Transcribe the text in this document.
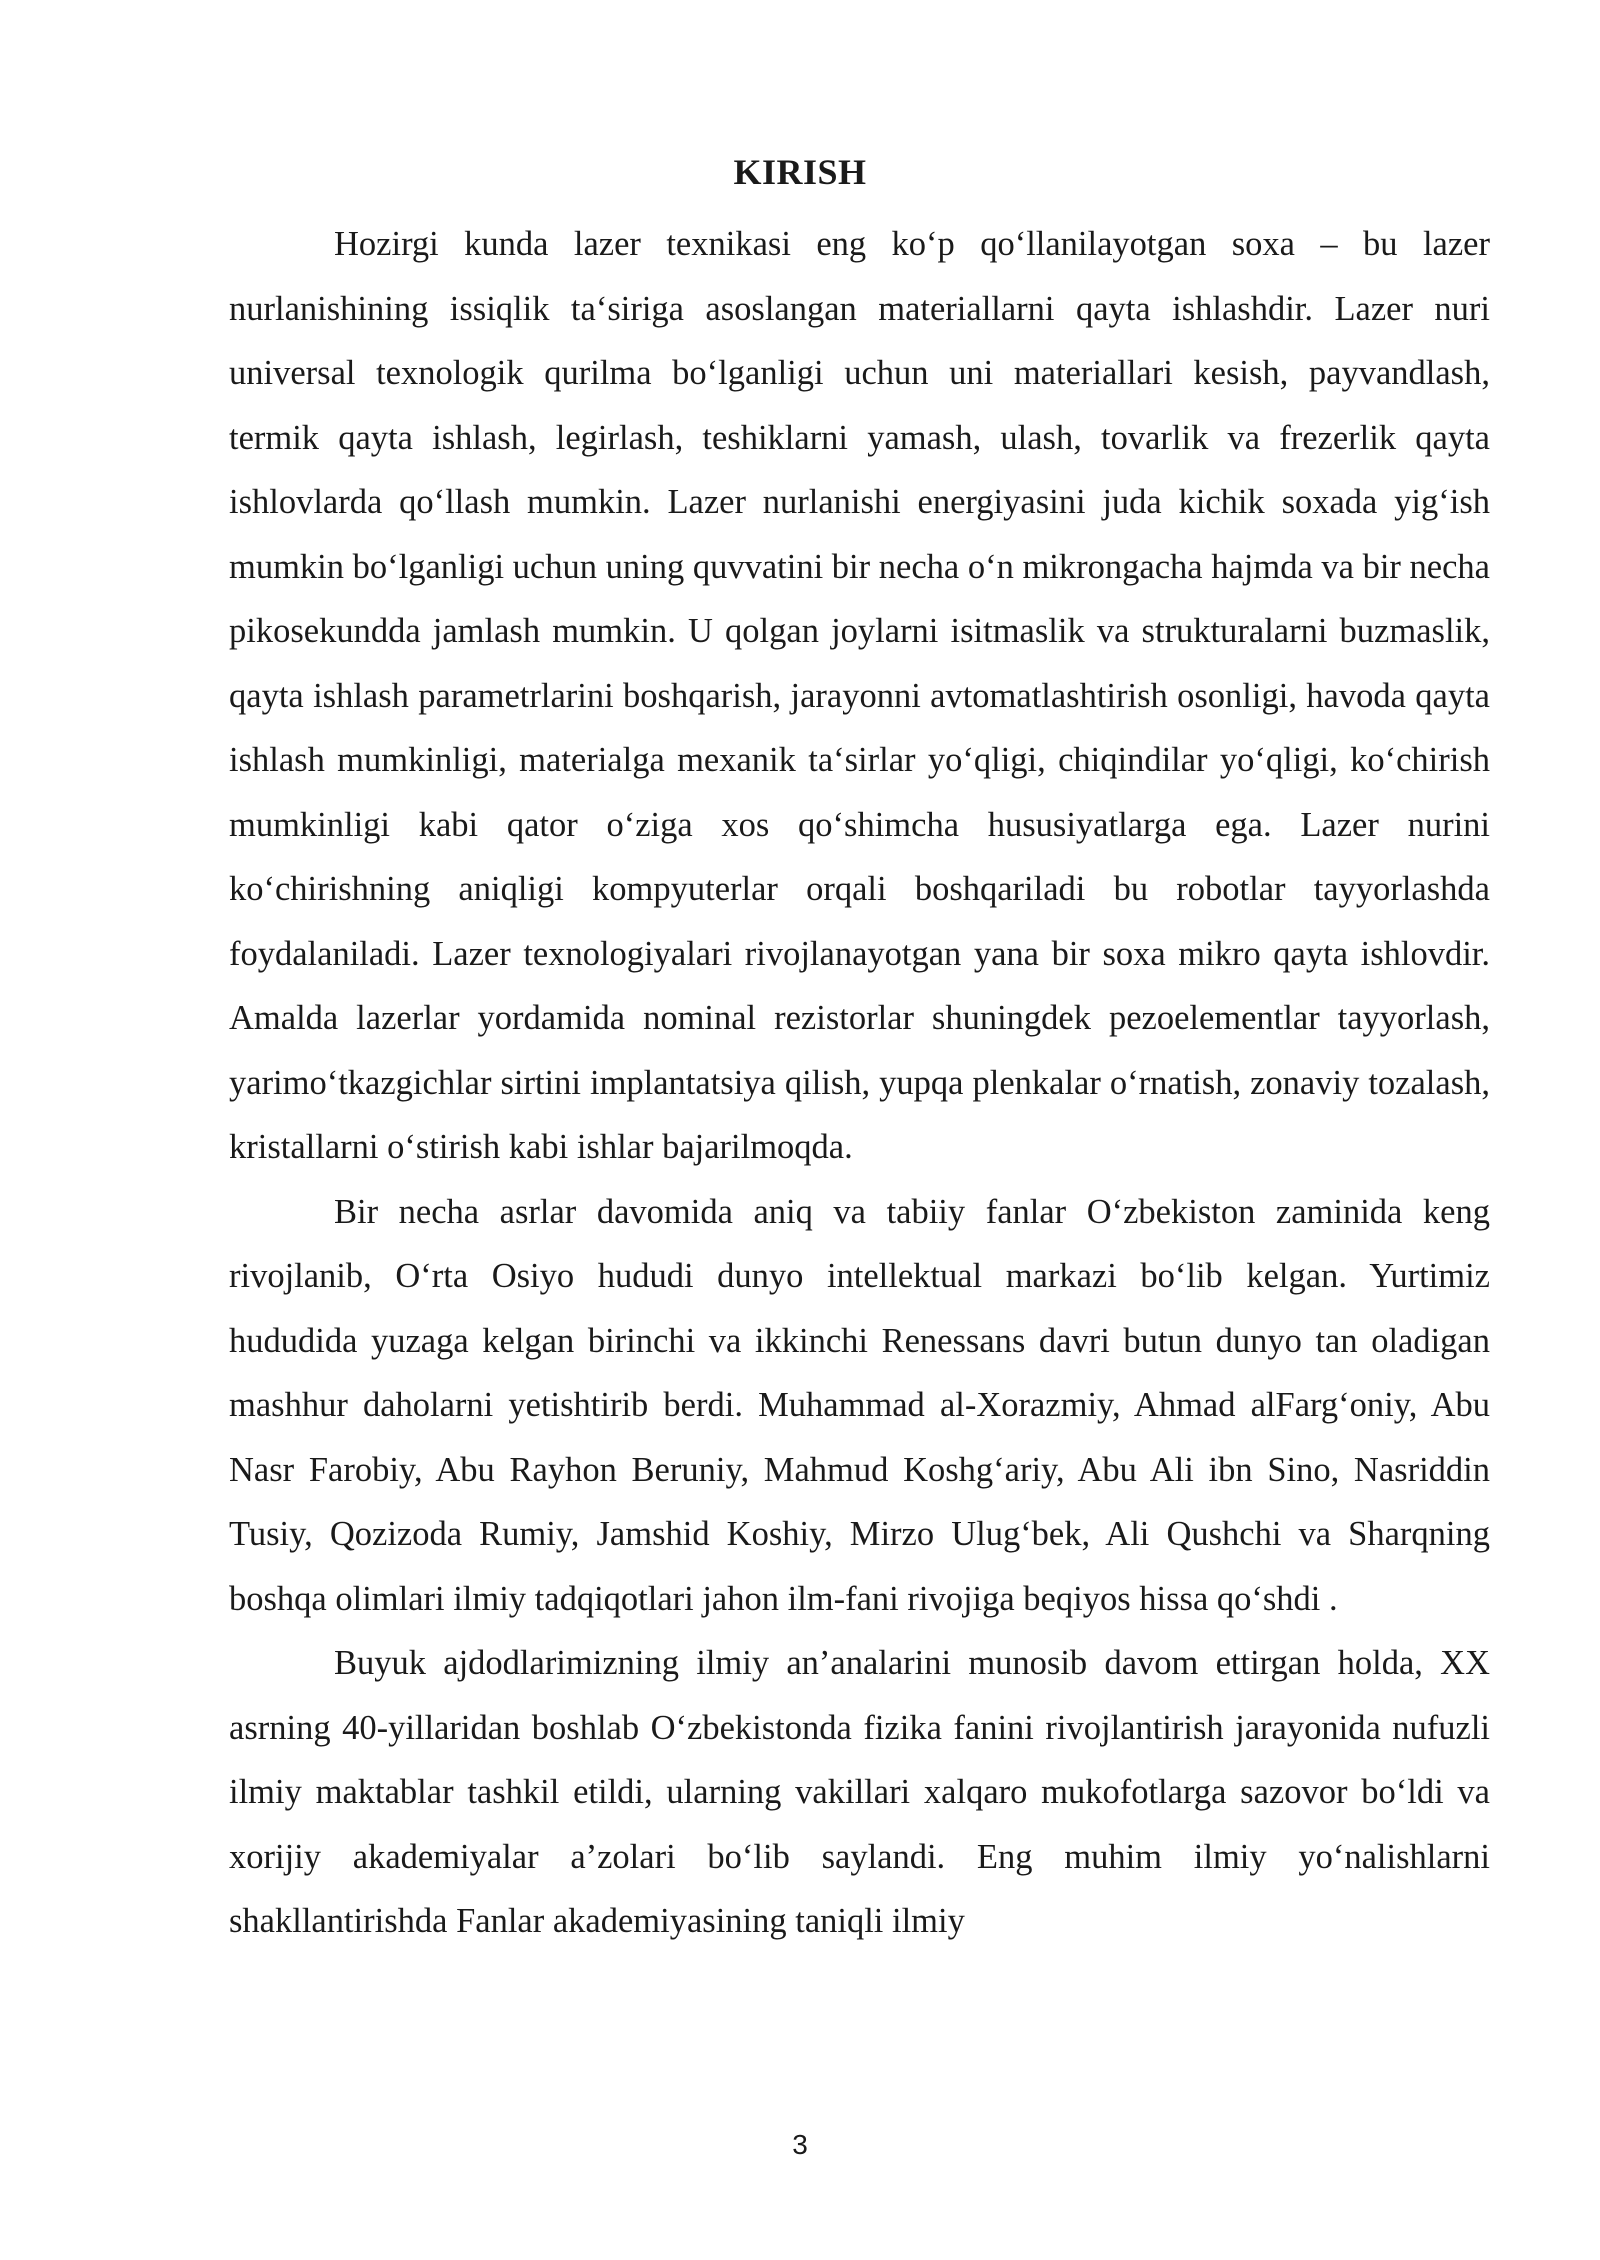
KIRISH

Hozirgi kunda lazer texnikasi eng koʻp qoʻllanilayotgan soxa – bu lazer nurlanishining issiqlik taʻsiriga asoslangan materiallarni qayta ishlashdir. Lazer nuri universal texnologik qurilma boʻlganligi uchun uni materiallari kesish, payvandlash, termik qayta ishlash, legirlash, teshiklarni yamash, ulash, tovarlik va frezerlik qayta ishlovlarda qoʻllash mumkin. Lazer nurlanishi energiyasini juda kichik soxada yigʻish mumkin boʻlganligi uchun uning quvvatini bir necha oʻn mikrongacha hajmda va bir necha pikosekundda jamlash mumkin. U qolgan joylarni isitmaslik va strukturalarni buzmaslik, qayta ishlash parametrlarini boshqarish, jarayonni avtomatlashtirish osonligi, havoda qayta ishlash mumkinligi, materialga mexanik taʻsirlar yoʻqligi, chiqindilar yoʻqligi, koʻchirish mumkinligi kabi qator oʻziga xos qoʻshimcha hususiyatlarga ega. Lazer nurini koʻchirishning aniqligi kompyuterlar orqali boshqariladi bu robotlar tayyorlashda foydalaniladi. Lazer texnologiyalari rivojlanayotgan yana bir soxa mikro qayta ishlovdir. Amalda lazerlar yordamida nominal rezistorlar shuningdek pezoelementlar tayyorlash, yarimoʻtkazgichlar sirtini implantatsiya qilish, yupqa plenkalar oʻrnatish, zonaviy tozalash, kristallarni oʻstirish kabi ishlar bajarilmoqda.

Bir necha asrlar davomida aniq va tabiiy fanlar Oʻzbekiston zaminida keng rivojlanib, Oʻrta Osiyo hududi dunyo intellektual markazi boʻlib kelgan. Yurtimiz hududida yuzaga kelgan birinchi va ikkinchi Renessans davri butun dunyo tan oladigan mashhur daholarni yetishtirib berdi. Muhammad al-Xorazmiy, Ahmad alFargʻoniy, Abu Nasr Farobiy, Abu Rayhon Beruniy, Mahmud Koshgʻariy, Abu Ali ibn Sino, Nasriddin Tusiy, Qozizoda Rumiy, Jamshid Koshiy, Mirzo Ulugʻbek, Ali Qushchi va Sharqning boshqa olimlari ilmiy tadqiqotlari jahon ilm-fani rivojiga beqiyos hissa qoʻshdi .

Buyuk ajdodlarimizning ilmiy an’analarini munosib davom ettirgan holda, XX asrning 40-yillaridan boshlab Oʻzbekistonda fizika fanini rivojlantirish jarayonida nufuzli ilmiy maktablar tashkil etildi, ularning vakillari xalqaro mukofotlarga sazovor boʻldi va xorijiy akademiyalar a’zolari boʻlib saylandi. Eng muhim ilmiy yoʻnalishlarni shakllantirishda Fanlar akademiyasining taniqli ilmiy

3
